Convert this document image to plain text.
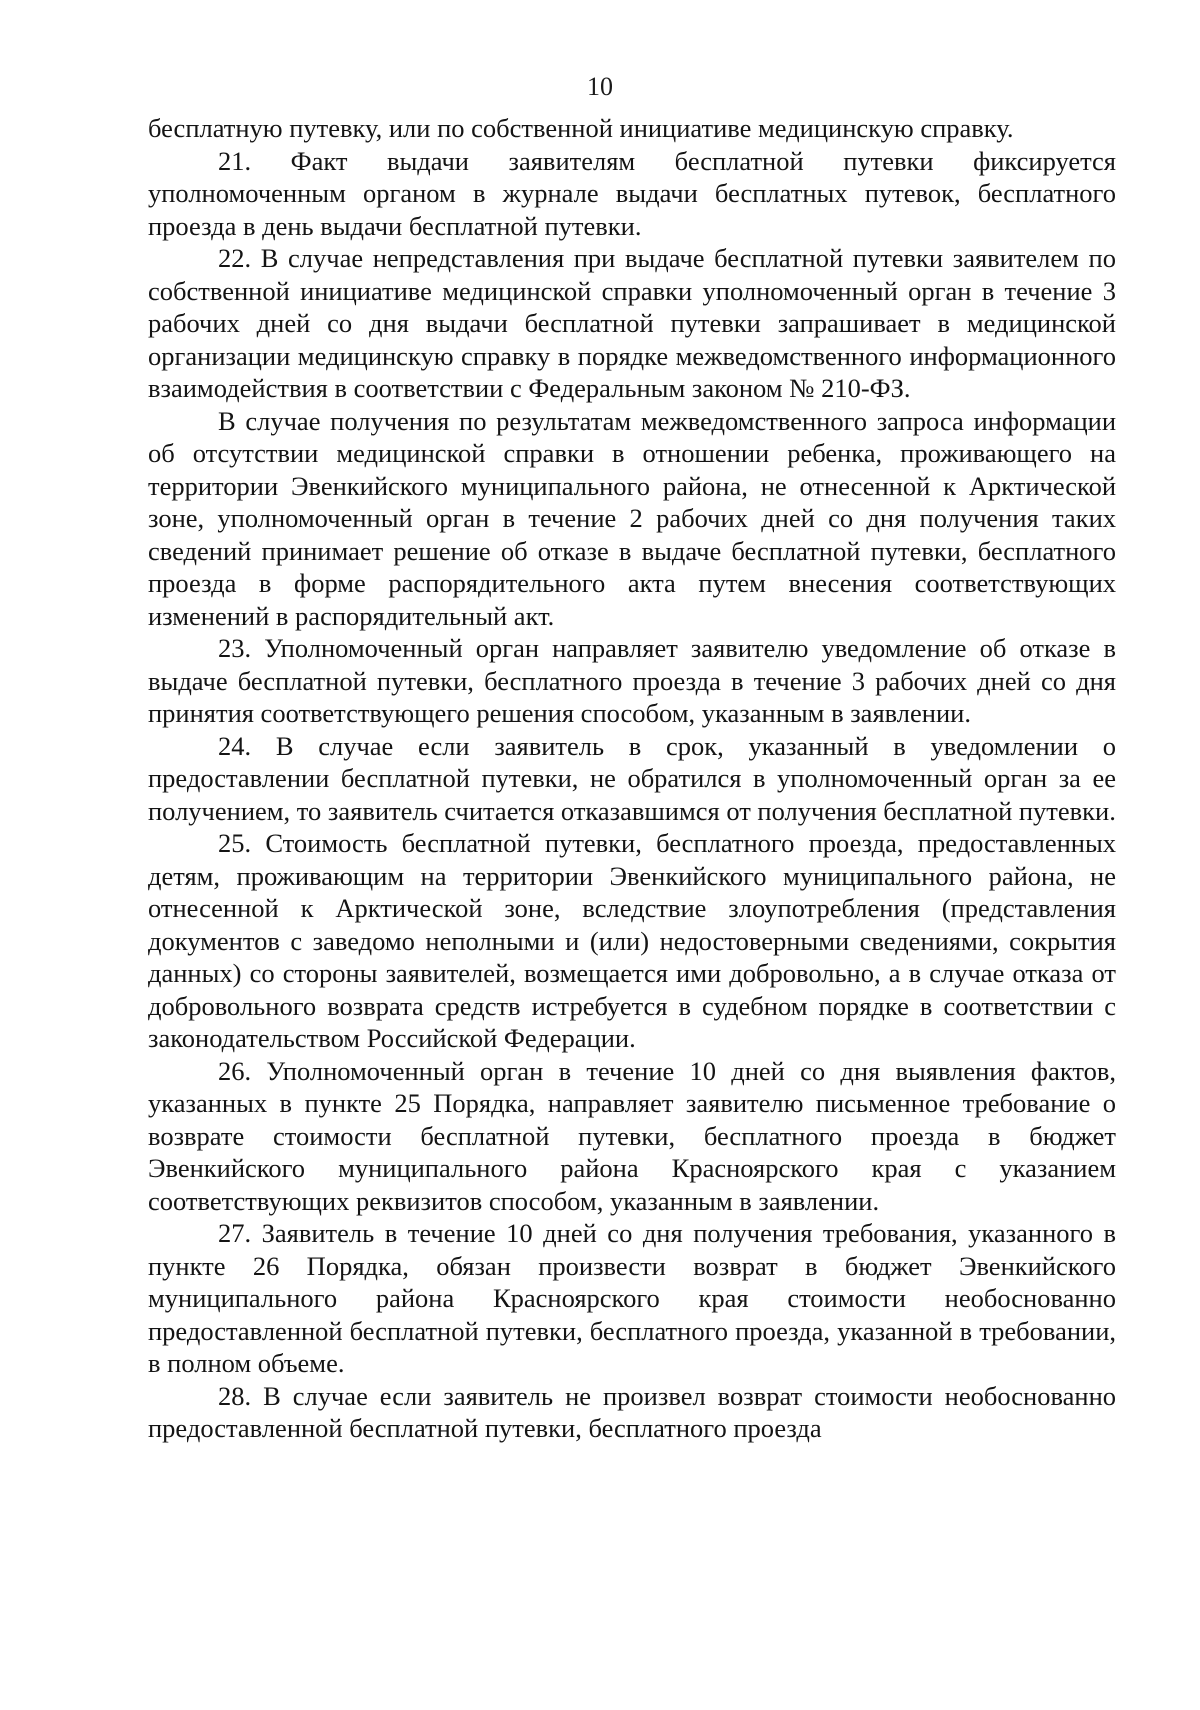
10

бесплатную путевку, или по собственной инициативе медицинскую справку.

21. Факт выдачи заявителям бесплатной путевки фиксируется уполномоченным органом в журнале выдачи бесплатных путевок, бесплатного проезда в день выдачи бесплатной путевки.

22. В случае непредставления при выдаче бесплатной путевки заявителем по собственной инициативе медицинской справки уполномоченный орган в течение 3 рабочих дней со дня выдачи бесплатной путевки запрашивает в медицинской организации медицинскую справку в порядке межведомственного информационного взаимодействия в соответствии с Федеральным законом № 210-ФЗ.

В случае получения по результатам межведомственного запроса информации об отсутствии медицинской справки в отношении ребенка, проживающего на территории Эвенкийского муниципального района, не отнесенной к Арктической зоне, уполномоченный орган в течение 2 рабочих дней со дня получения таких сведений принимает решение об отказе в выдаче бесплатной путевки, бесплатного проезда в форме распорядительного акта путем внесения соответствующих изменений в распорядительный акт.

23. Уполномоченный орган направляет заявителю уведомление об отказе в выдаче бесплатной путевки, бесплатного проезда в течение 3 рабочих дней со дня принятия соответствующего решения способом, указанным в заявлении.

24. В случае если заявитель в срок, указанный в уведомлении о предоставлении бесплатной путевки, не обратился в уполномоченный орган за ее получением, то заявитель считается отказавшимся от получения бесплатной путевки.

25. Стоимость бесплатной путевки, бесплатного проезда, предоставленных детям, проживающим на территории Эвенкийского муниципального района, не отнесенной к Арктической зоне, вследствие злоупотребления (представления документов с заведомо неполными и (или) недостоверными сведениями, сокрытия данных) со стороны заявителей, возмещается ими добровольно, а в случае отказа от добровольного возврата средств истребуется в судебном порядке в соответствии с законодательством Российской Федерации.

26. Уполномоченный орган в течение 10 дней со дня выявления фактов, указанных в пункте 25 Порядка, направляет заявителю письменное требование о возврате стоимости бесплатной путевки, бесплатного проезда в бюджет Эвенкийского муниципального района Красноярского края с указанием соответствующих реквизитов способом, указанным в заявлении.

27. Заявитель в течение 10 дней со дня получения требования, указанного в пункте 26 Порядка, обязан произвести возврат в бюджет Эвенкийского муниципального района Красноярского края стоимости необоснованно предоставленной бесплатной путевки, бесплатного проезда, указанной в требовании, в полном объеме.

28. В случае если заявитель не произвел возврат стоимости необоснованно предоставленной бесплатной путевки, бесплатного проезда
